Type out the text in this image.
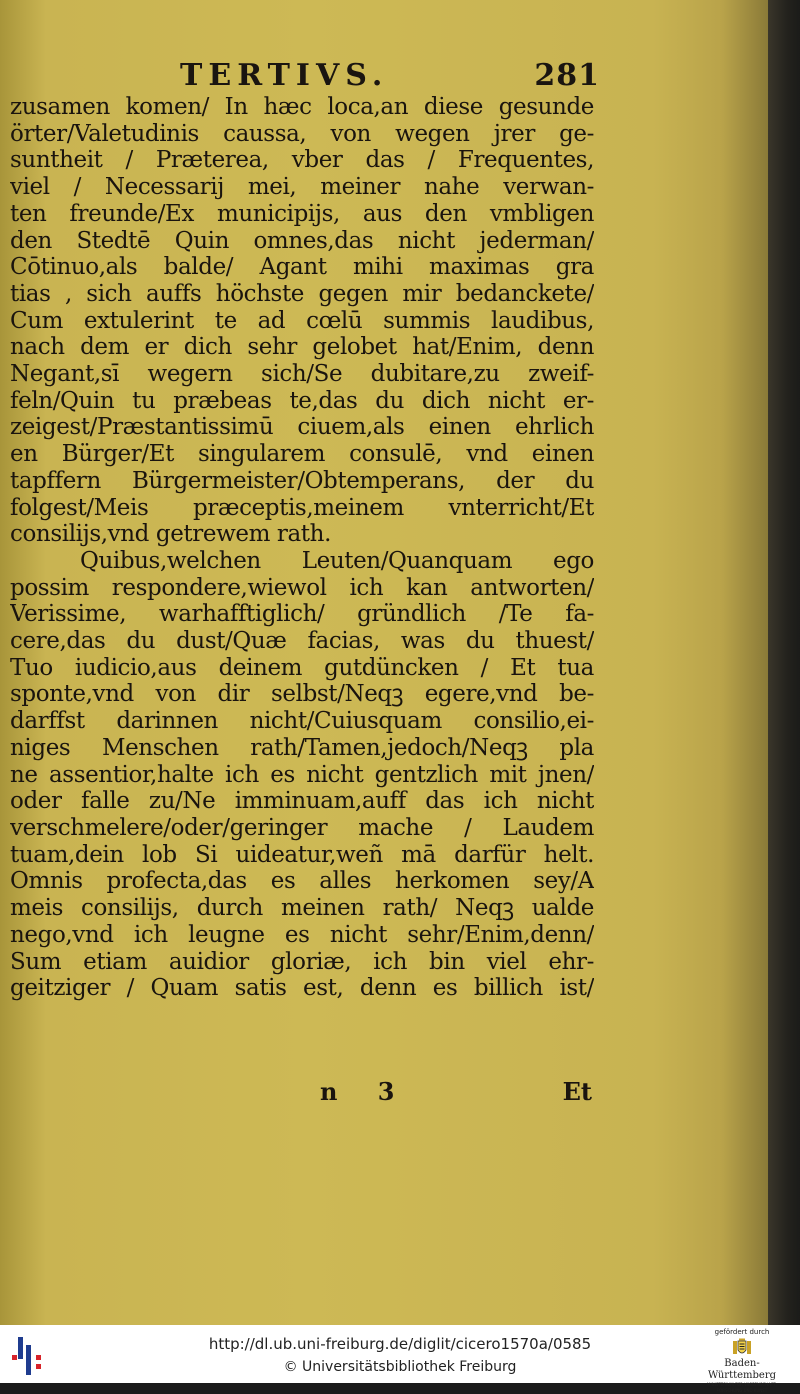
TERTIVS.	281
zusamen komen/ In hæc loca,an diese gesunde
örter/Valetudinis caussa, von wegen jrer ge-
suntheit / Præterea, vber das / Frequentes,
viel / Necessarij mei, meiner nahe verwan-
ten freunde/Ex municipijs, aus den vmbligen
den Stedtē Quin omnes,das nicht jederman/
Cōtinuo,als balde/ Agant mihi maximas gra
tias , sich auffs höchste gegen mir bedanckete/
Cum extulerint te ad cœlū summis laudibus,
nach dem er dich sehr gelobet hat/Enim, denn
Negant,sī wegern sich/Se dubitare,zu zweif-
feln/Quin tu præbeas te,das du dich nicht er-
zeigest/Præstantissimū ciuem,als einen ehrlich
en Bürger/Et singularem consulē, vnd einen
tapffern Bürgermeister/Obtemperans, der du
folgest/Meis præceptis,meinem vnterricht/Et
consilijs,vnd getrewem rath.
Quibus,welchen Leuten/Quanquam ego
possim respondere,wiewol ich kan antworten/
Verissime, warhafftiglich/ gründlich /Te fa-
cere,das du dust/Quæ facias, was du thuest/
Tuo iudicio,aus deinem gutdüncken / Et tua
sponte,vnd von dir selbst/Neqꝫ egere,vnd be-
darffst darinnen nicht/Cuiusquam consilio,ei-
niges Menschen rath/Tamen,jedoch/Neqꝫ pla
ne assentior,halte ich es nicht gentzlich mit jnen/
oder falle zu/Ne imminuam,auff das ich nicht
verschmelere/oder/geringer mache / Laudem
tuam,dein lob Si uideatur,weñ mā darfür helt.
Omnis profecta,das es alles herkomen sey/A
meis consilijs, durch meinen rath/ Neqꝫ ualde
nego,vnd ich leugne es nicht sehr/Enim,denn/
Sum etiam auidior gloriæ, ich bin viel ehr-
geitziger / Quam satis est, denn es billich ist/
n 3	Et
http://dl.ub.uni-freiburg.de/diglit/cicero1570a/0585
© Universitätsbibliothek Freiburg
gefördert durch
Baden-Württemberg
MINISTERIUM FÜR WISSENSCHAFT, FORSCHUNG UND KUNST
